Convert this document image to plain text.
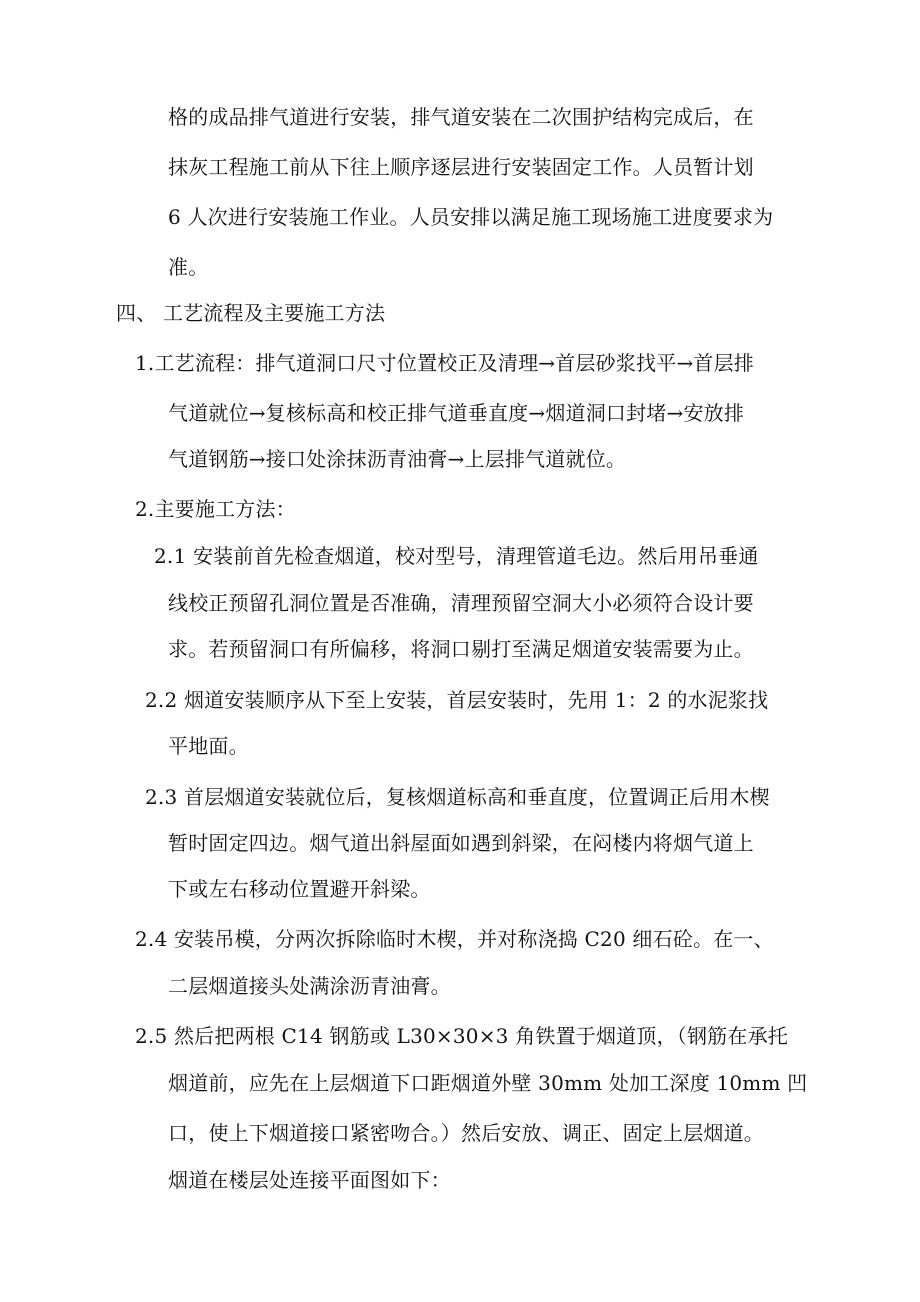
格的成品排气道进行安装，排气道安装在二次围护结构完成后，在
抹灰工程施工前从下往上顺序逐层进行安装固定工作。人员暂计划
6 人次进行安装施工作业。人员安排以满足施工现场施工进度要求为
准。
四、 工艺流程及主要施工方法
1.工艺流程：排气道洞口尺寸位置校正及清理→首层砂浆找平→首层排
气道就位→复核标高和校正排气道垂直度→烟道洞口封堵→安放排
气道钢筋→接口处涂抹沥青油膏→上层排气道就位。
2.主要施工方法：
2.1 安装前首先检查烟道，校对型号，清理管道毛边。然后用吊垂通
线校正预留孔洞位置是否准确，清理预留空洞大小必须符合设计要
求。若预留洞口有所偏移，将洞口剔打至满足烟道安装需要为止。
2.2 烟道安装顺序从下至上安装，首层安装时，先用 1：2 的水泥浆找
平地面。
2.3 首层烟道安装就位后，复核烟道标高和垂直度，位置调正后用木楔
暂时固定四边。烟气道出斜屋面如遇到斜梁，在闷楼内将烟气道上
下或左右移动位置避开斜梁。
2.4 安装吊模，分两次拆除临时木楔，并对称浇捣 C20 细石砼。在一、
二层烟道接头处满涂沥青油膏。
2.5 然后把两根 C14 钢筋或 L30×30×3 角铁置于烟道顶，（钢筋在承托
烟道前，应先在上层烟道下口距烟道外壁 30mm 处加工深度 10mm 凹
口，使上下烟道接口紧密吻合。）然后安放、调正、固定上层烟道。
烟道在楼层处连接平面图如下：
